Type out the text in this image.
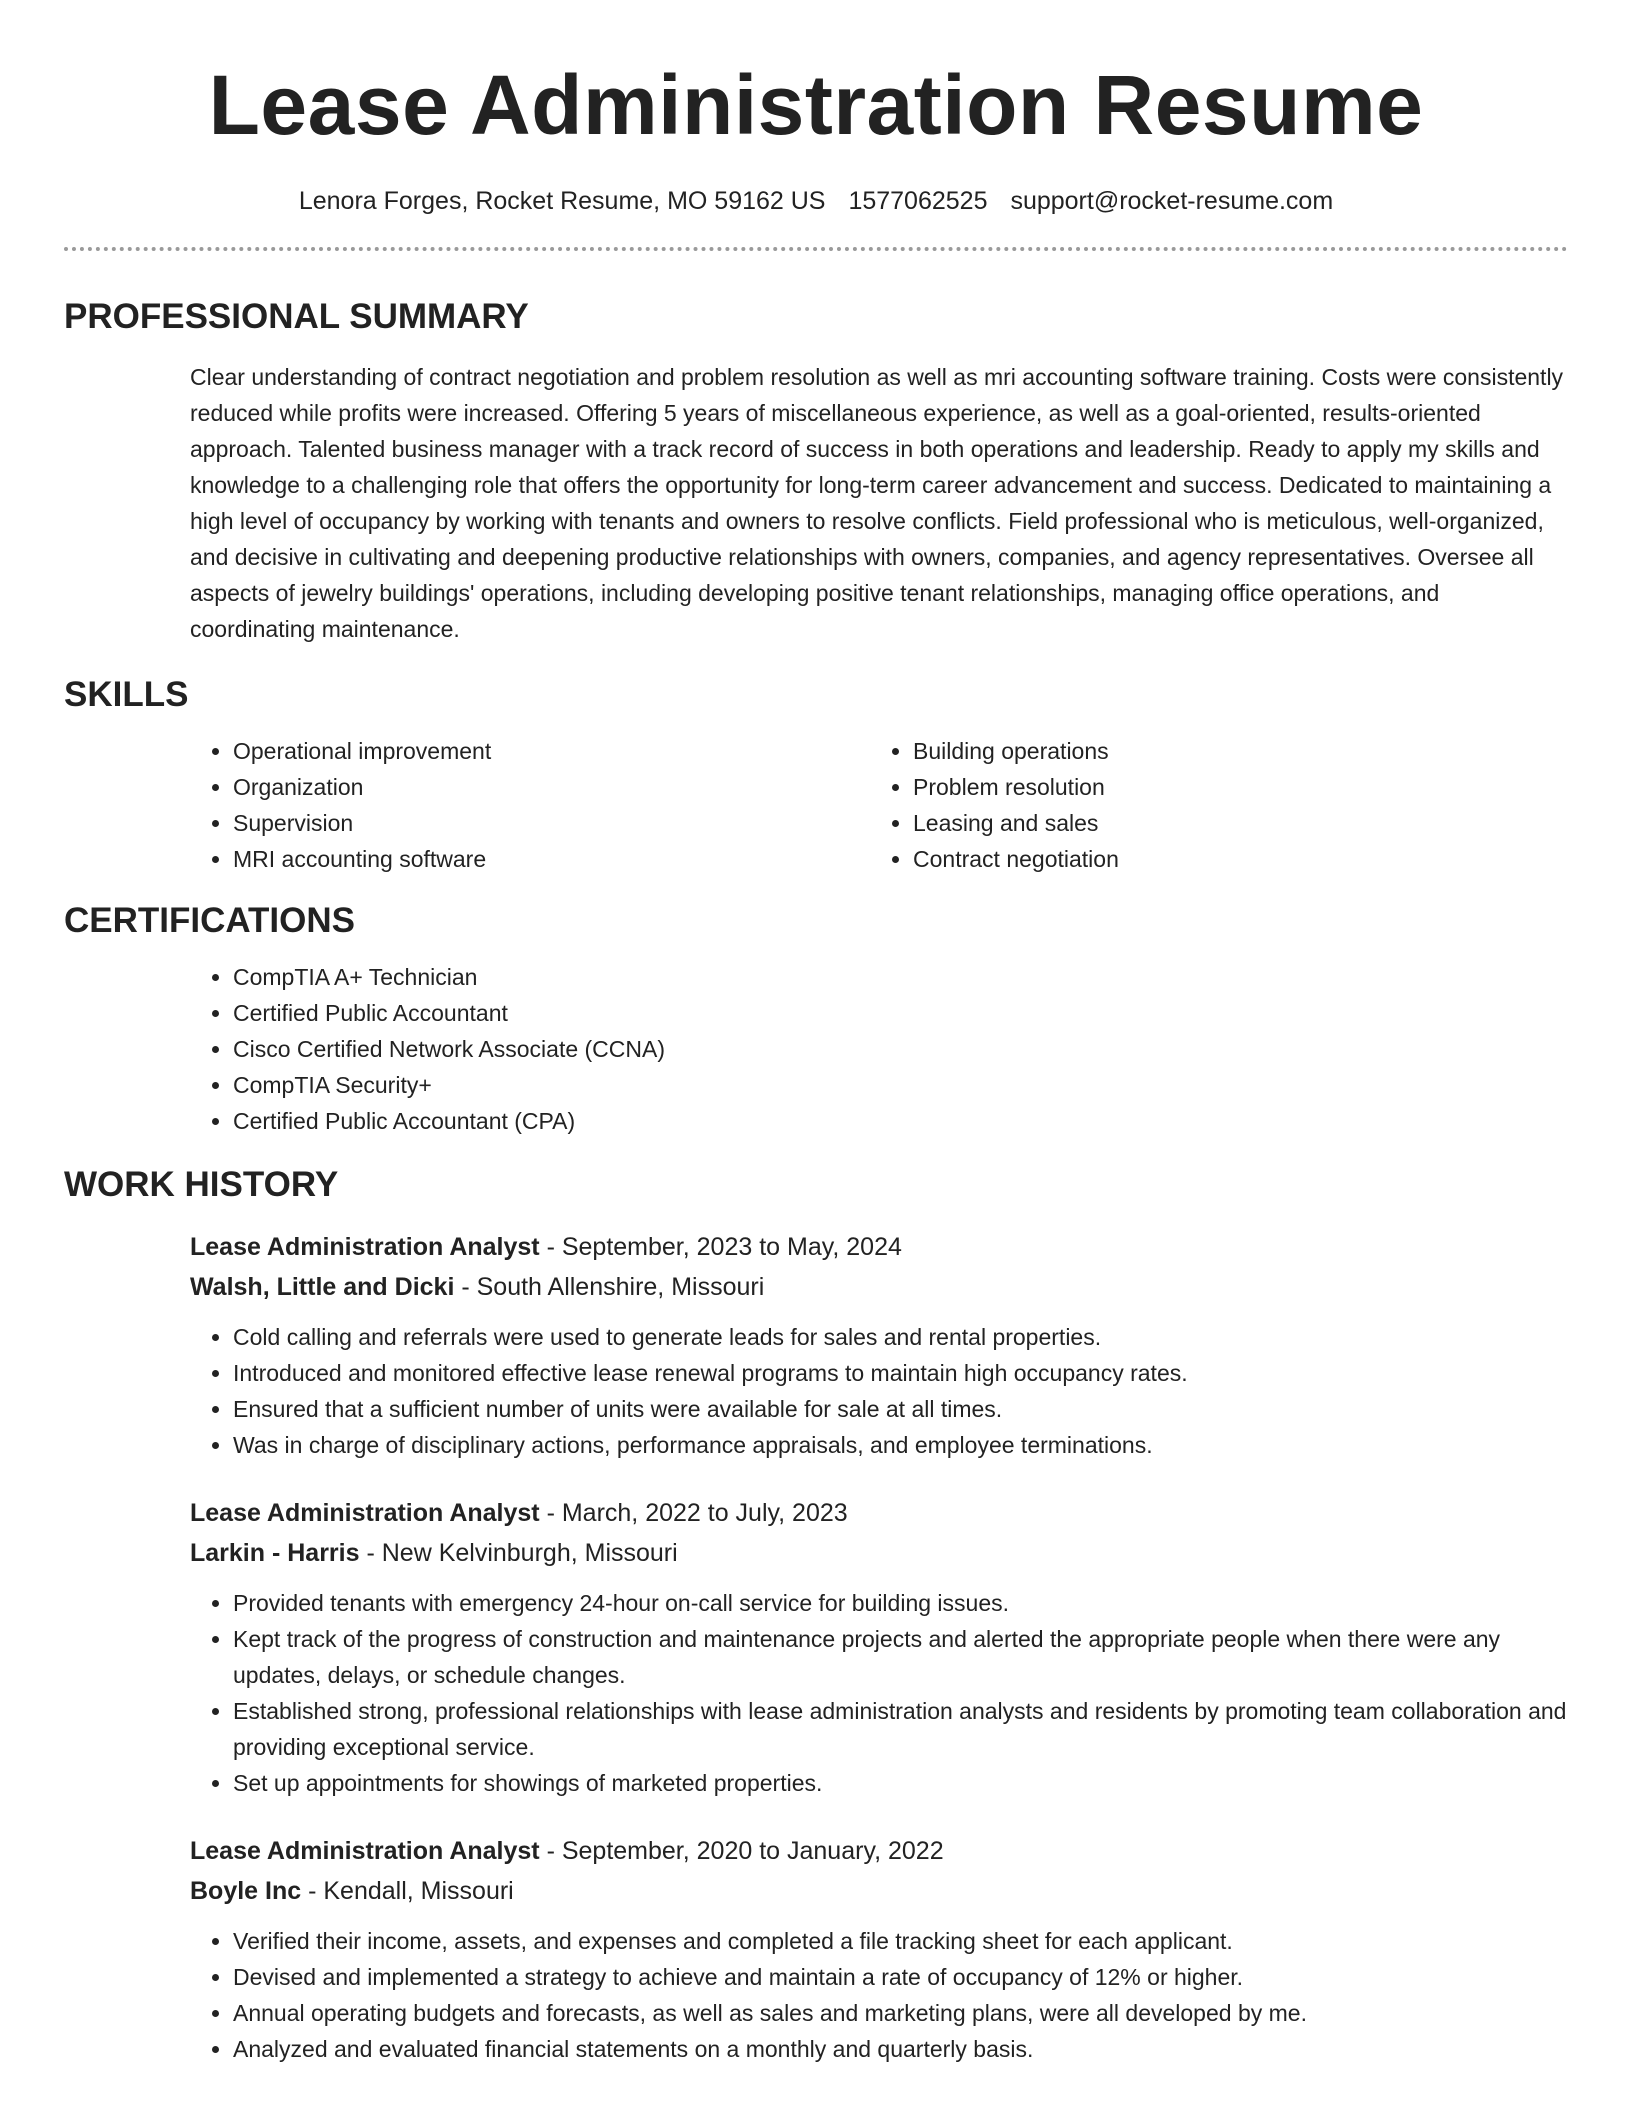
Lease Administration Resume
Lenora Forges, Rocket Resume, MO 59162 US 1577062525 support@rocket-resume.com
PROFESSIONAL SUMMARY

Clear understanding of contract negotiation and problem resolution as well as mri accounting software training. Costs were consistently reduced while profits were increased. Offering 5 years of miscellaneous experience, as well as a goal-oriented, results-oriented approach. Talented business manager with a track record of success in both operations and leadership. Ready to apply my skills and knowledge to a challenging role that offers the opportunity for long-term career advancement and success. Dedicated to maintaining a high level of occupancy by working with tenants and owners to resolve conflicts. Field professional who is meticulous, well-organized, and decisive in cultivating and deepening productive relationships with owners, companies, and agency representatives. Oversee all aspects of jewelry buildings' operations, including developing positive tenant relationships, managing office operations, and coordinating maintenance.

SKILLS
• Operational improvement
• Organization
• Supervision
• MRI accounting software
• Building operations
• Problem resolution
• Leasing and sales
• Contract negotiation
CERTIFICATIONS
• CompTIA A+ Technician
• Certified Public Accountant
• Cisco Certified Network Associate (CCNA)
• CompTIA Security+
• Certified Public Accountant (CPA)
WORK HISTORY
Lease Administration Analyst - September, 2023 to May, 2024
Walsh, Little and Dicki - South Allenshire, Missouri
• Cold calling and referrals were used to generate leads for sales and rental properties.
• Introduced and monitored effective lease renewal programs to maintain high occupancy rates.
• Ensured that a sufficient number of units were available for sale at all times.
• Was in charge of disciplinary actions, performance appraisals, and employee terminations.
Lease Administration Analyst - March, 2022 to July, 2023
Larkin - Harris - New Kelvinburgh, Missouri
• Provided tenants with emergency 24-hour on-call service for building issues.
• Kept track of the progress of construction and maintenance projects and alerted the appropriate people when there were any updates, delays, or schedule changes.
• Established strong, professional relationships with lease administration analysts and residents by promoting team collaboration and providing exceptional service.
• Set up appointments for showings of marketed properties.
Lease Administration Analyst - September, 2020 to January, 2022
Boyle Inc - Kendall, Missouri
• Verified their income, assets, and expenses and completed a file tracking sheet for each applicant.
• Devised and implemented a strategy to achieve and maintain a rate of occupancy of 12% or higher.
• Annual operating budgets and forecasts, as well as sales and marketing plans, were all developed by me.
• Analyzed and evaluated financial statements on a monthly and quarterly basis.
